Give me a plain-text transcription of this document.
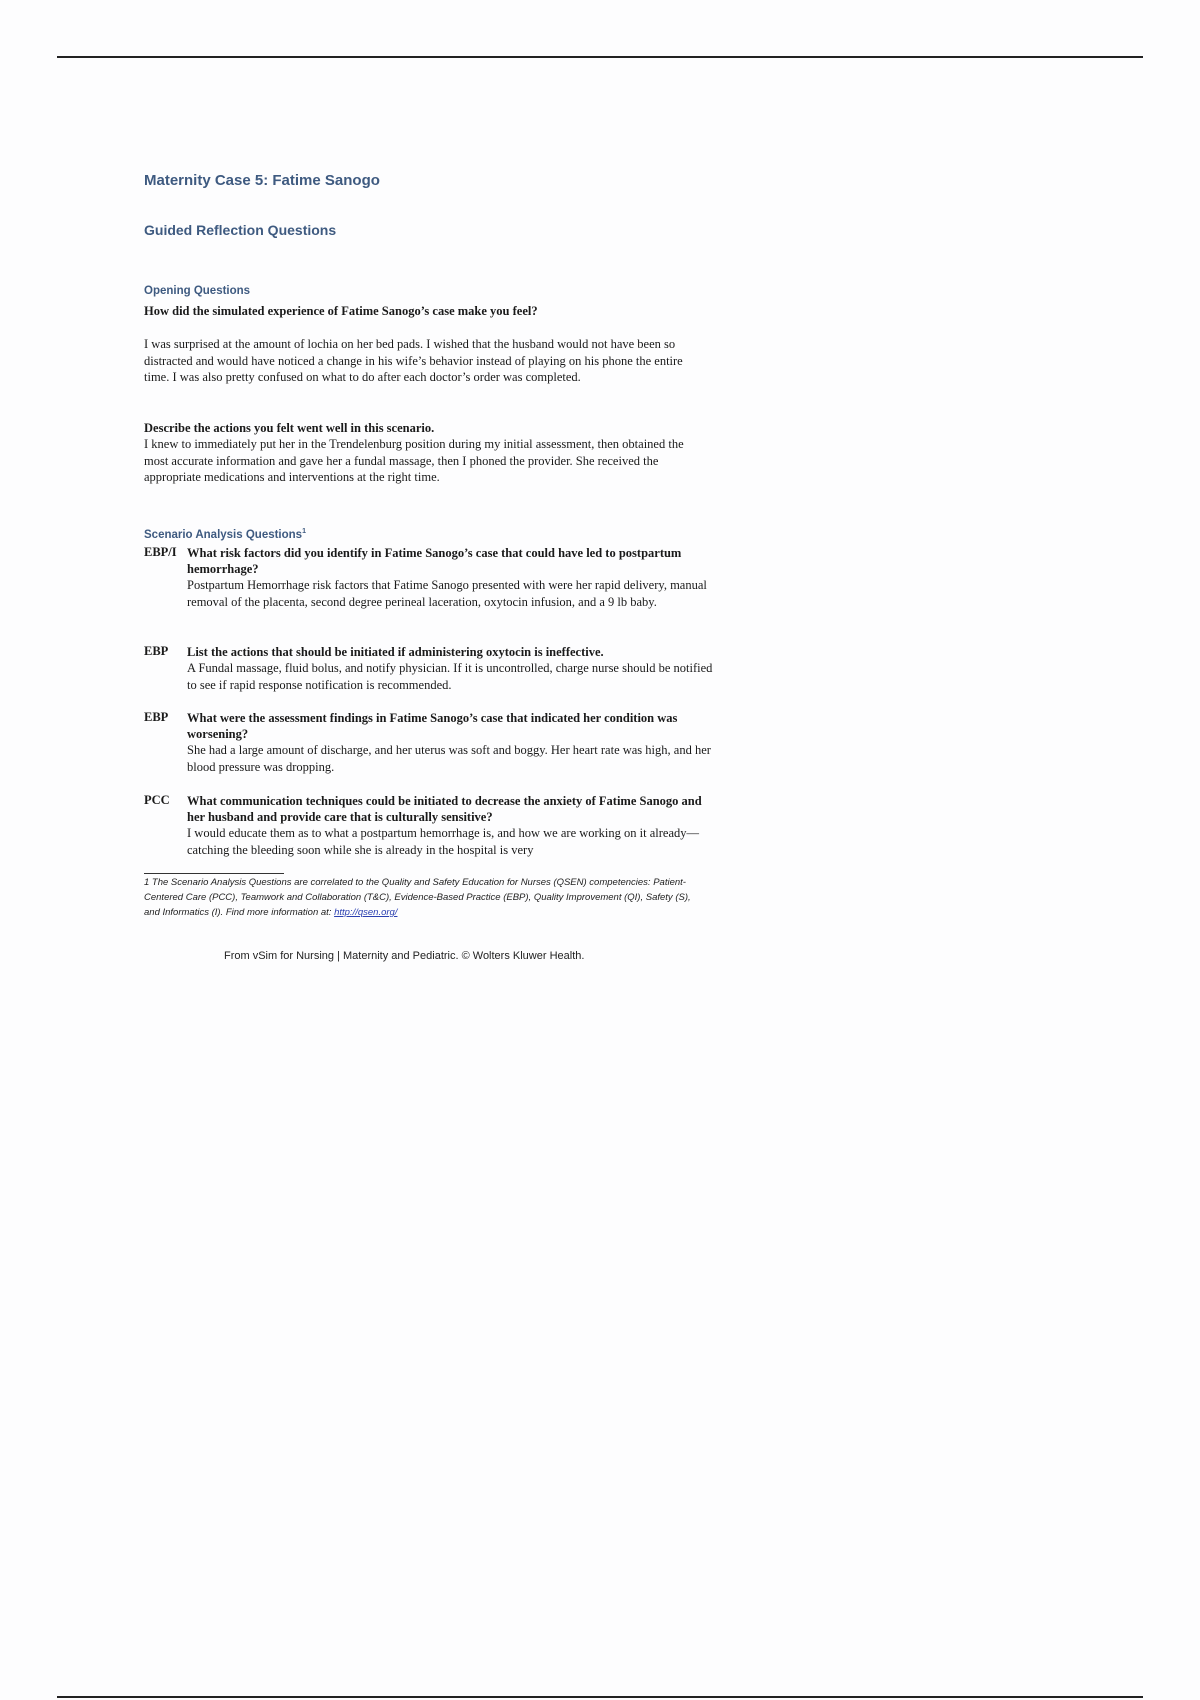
Maternity Case 5: Fatime Sanogo
Guided Reflection Questions
Opening Questions
How did the simulated experience of Fatime Sanogo’s case make you feel?
I was surprised at the amount of lochia on her bed pads. I wished that the husband would not have been so distracted and would have noticed a change in his wife’s behavior instead of playing on his phone the entire time. I was also pretty confused on what to do after each doctor’s order was completed.
Describe the actions you felt went well in this scenario.
I knew to immediately put her in the Trendelenburg position during my initial assessment, then obtained the most accurate information and gave her a fundal massage, then I phoned the provider. She received the appropriate medications and interventions at the right time.
Scenario Analysis Questions$^1$
EBP/I What risk factors did you identify in Fatime Sanogo’s case that could have led to postpartum hemorrhage?
Postpartum Hemorrhage risk factors that Fatime Sanogo presented with were her rapid delivery, manual removal of the placenta, second degree perineal laceration, oxytocin infusion, and a 9 lb baby.
EBP	List the actions that should be initiated if administering oxytocin is ineffective.
A Fundal massage, fluid bolus, and notify physician. If it is uncontrolled, charge nurse should be notified to see if rapid response notification is recommended.
EBP	What were the assessment findings in Fatime Sanogo’s case that indicated her condition was worsening?
She had a large amount of discharge, and her uterus was soft and boggy. Her heart rate was high, and her blood pressure was dropping.
PCC	What communication techniques could be initiated to decrease the anxiety of Fatime Sanogo and her husband and provide care that is culturally sensitive?
I would educate them as to what a postpartum hemorrhage is, and how we are working on it already—catching the bleeding soon while she is already in the hospital is very
1 The Scenario Analysis Questions are correlated to the Quality and Safety Education for Nurses (QSEN) competencies: Patient-Centered Care (PCC), Teamwork and Collaboration (T&C), Evidence-Based Practice (EBP), Quality Improvement (QI), Safety (S), and Informatics (I). Find more information at: http://qsen.org/
From vSim for Nursing | Maternity and Pediatric. © Wolters Kluwer Health.
